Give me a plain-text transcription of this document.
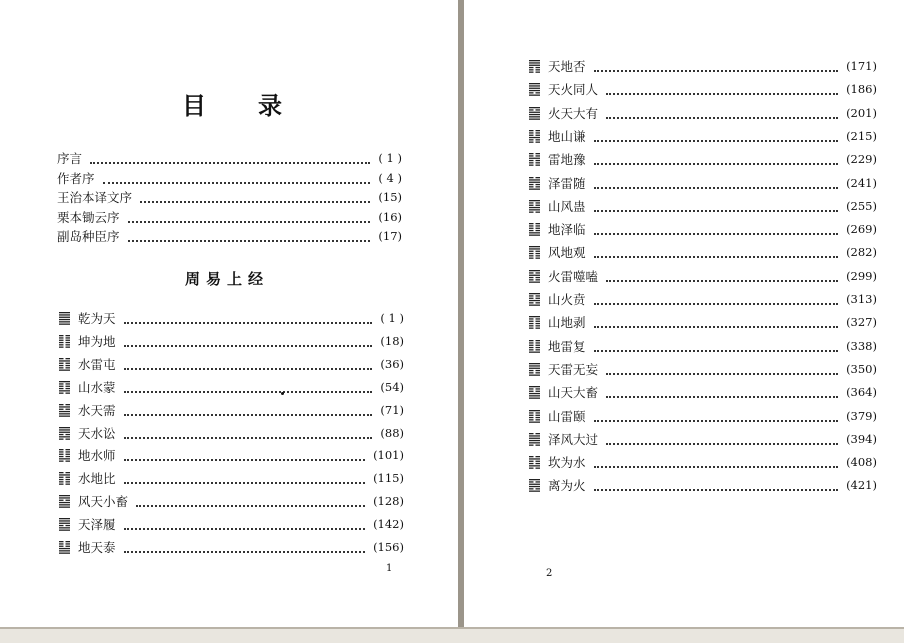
目录
序言	( 1 )
作者序	( 4 )
王治本译文序	(15)
栗本锄云序	(16)
副岛种臣序	(17)
周易上经
乾为天	( 1 )
坤为地	(18)
水雷屯	(36)
山水蒙	(54)
水天需	(71)
天水讼	(88)
地水师	(101)
水地比	(115)
风天小畜	(128)
天泽履	(142)
地天泰	(156)
1
天地否	(171)
天火同人	(186)
火天大有	(201)
地山谦	(215)
雷地豫	(229)
泽雷随	(241)
山风蛊	(255)
地泽临	(269)
风地观	(282)
火雷噬嗑	(299)
山火贲	(313)
山地剥	(327)
地雷复	(338)
天雷无妄	(350)
山天大畜	(364)
山雷颐	(379)
泽风大过	(394)
坎为水	(408)
离为火	(421)
2
